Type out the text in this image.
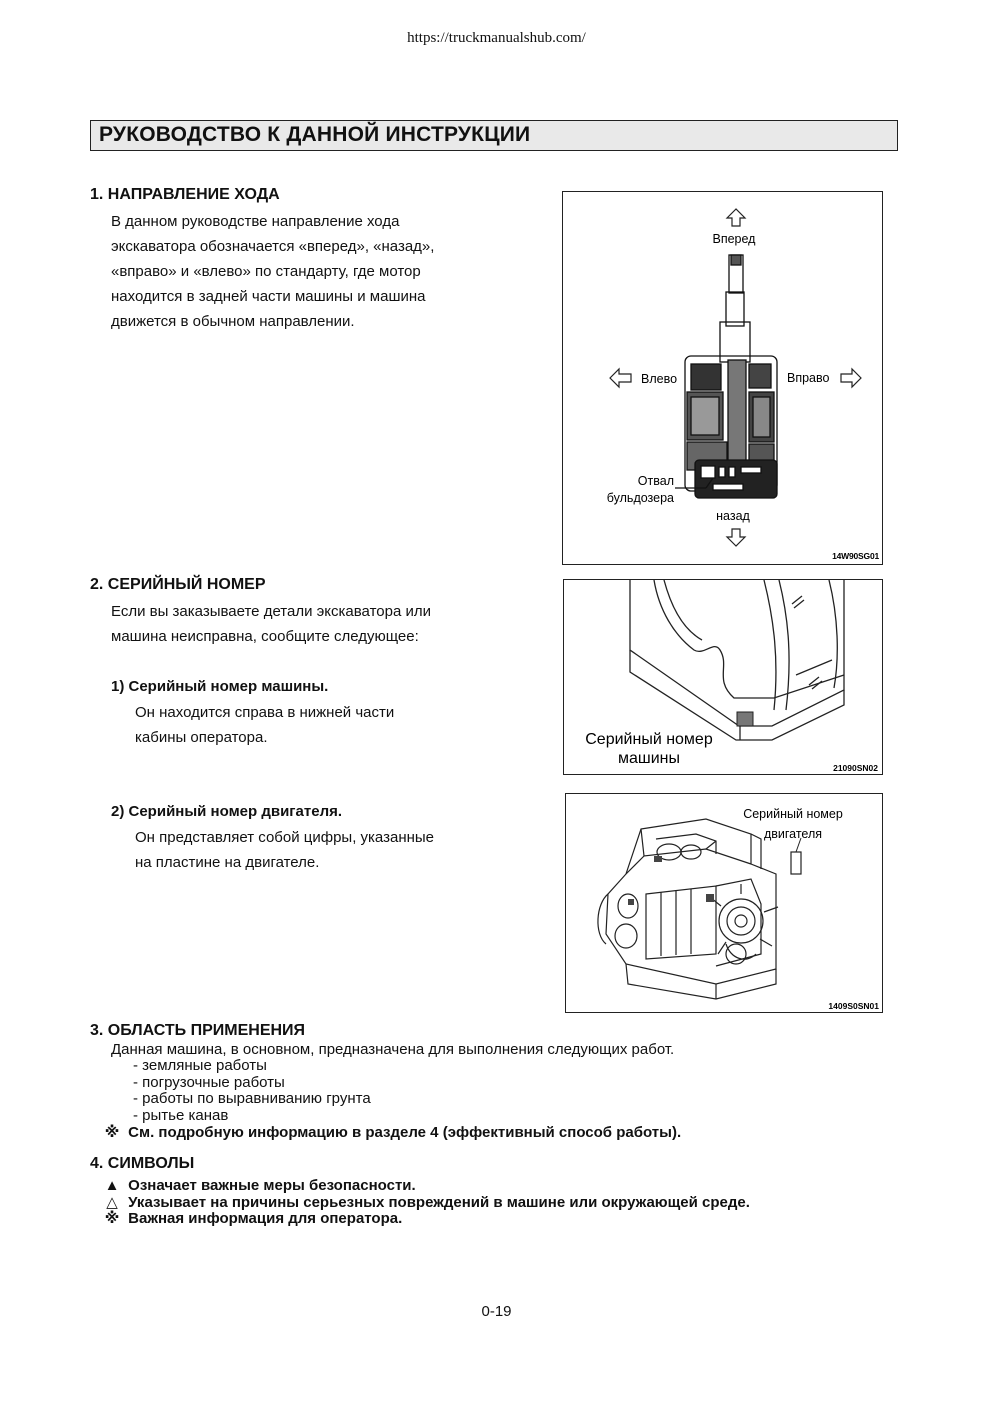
https://truckmanualshub.com/
РУКОВОДСТВО К ДАННОЙ ИНСТРУКЦИИ
1. НАПРАВЛЕНИЕ ХОДА
В данном руководстве направление хода
экскаватора обозначается «вперед», «назад»,
«вправо» и «влево» по стандарту, где мотор
находится в задней части машины и машина
движется в обычном направлении.
Вперед
Влево	Вправо
Отвал
бульдозера
назад
14W90SG01
2. СЕРИЙНЫЙ НОМЕР
Если вы заказываете детали экскаватора или
машина неисправна, сообщите следующее:
1) Серийный номер машины.
Он находится справа в нижней части
кабины оператора.	Серийный номер
машины
21090SN02
2) Серийный номер двигателя.
Он представляет собой цифры, указанные
на пластине на двигателе.
Серийный номер
двигателя
1409S0SN01
3. ОБЛАСТЬ ПРИМЕНЕНИЯ
Данная машина, в основном, предназначена для выполнения следующих работ.
- земляные работы
- погрузочные работы
- работы по выравниванию грунта
- рытье канав
※ См. подробную информацию в разделе 4 (эффективный способ работы).
4. СИМВОЛЫ
▲ Означает важные меры безопасности.
△ Указывает на причины серьезных повреждений в машине или окружающей среде.
※ Важная информация для оператора.
0-19
